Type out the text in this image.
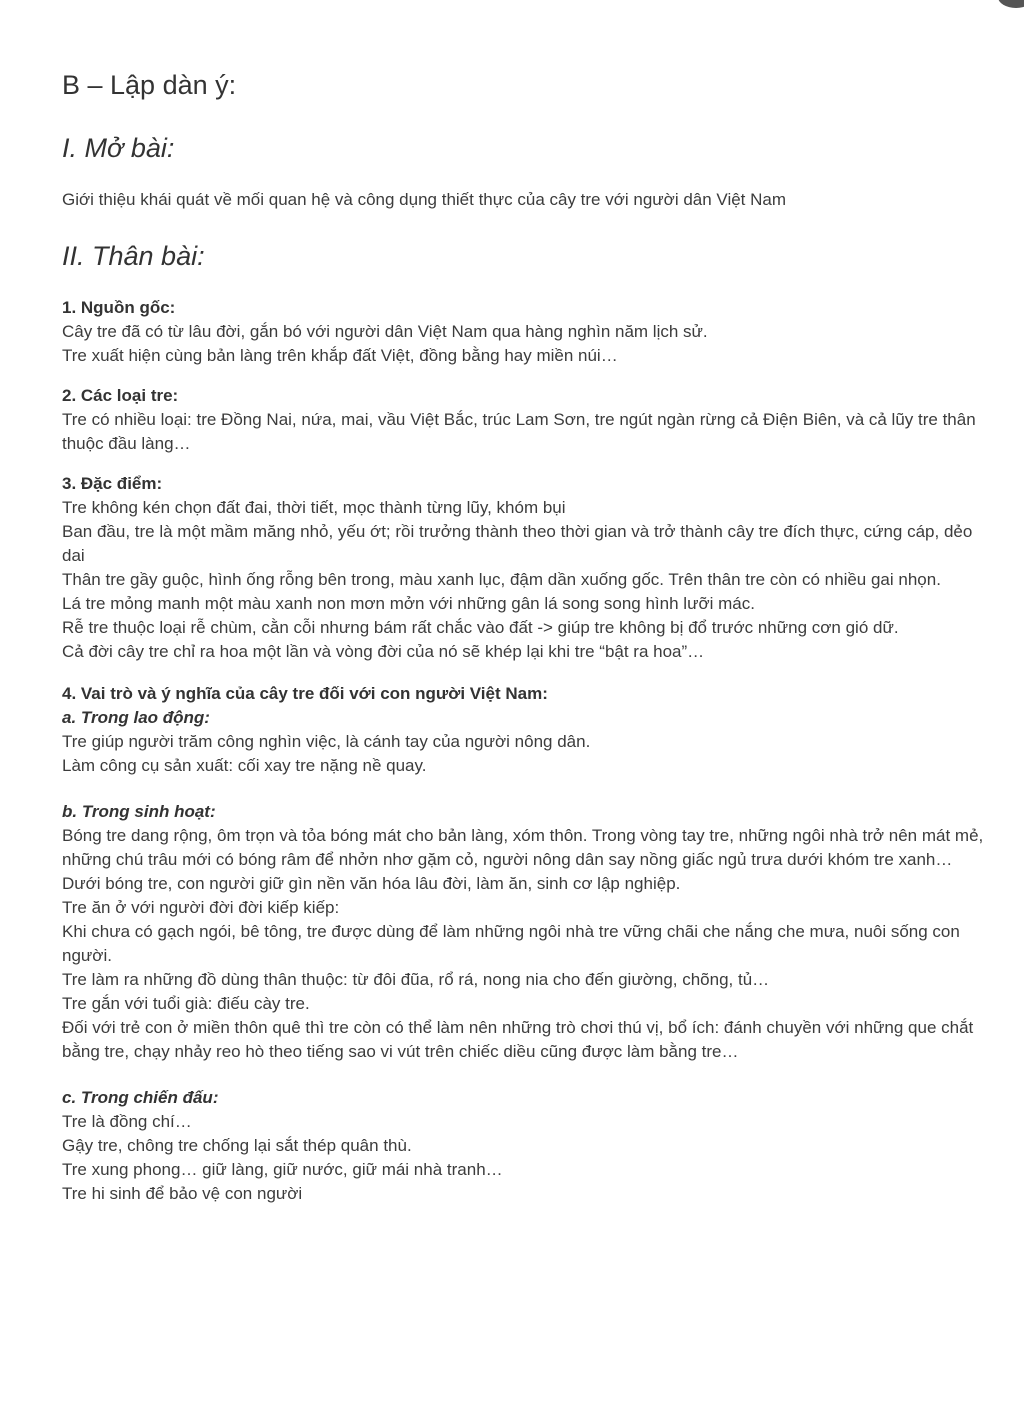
B – Lập dàn ý:
I. Mở bài:
Giới thiệu khái quát về mối quan hệ và công dụng thiết thực của cây tre với người dân Việt Nam
II. Thân bài:
1. Nguồn gốc:
Cây tre đã có từ lâu đời, gắn bó với người dân Việt Nam qua hàng nghìn năm lịch sử.
Tre xuất hiện cùng bản làng trên khắp đất Việt, đồng bằng hay miền núi…
2. Các loại tre:
Tre có nhiều loại: tre Đồng Nai, nứa, mai, vầu Việt Bắc, trúc Lam Sơn, tre ngút ngàn rừng cả Điện Biên, và cả lũy tre thân thuộc đầu làng…
3. Đặc điểm:
Tre không kén chọn đất đai, thời tiết, mọc thành từng lũy, khóm bụi
Ban đầu, tre là một mầm măng nhỏ, yếu ớt; rồi trưởng thành theo thời gian và trở thành cây tre đích thực, cứng cáp, dẻo dai
Thân tre gầy guộc, hình ống rỗng bên trong, màu xanh lục, đậm dần xuống gốc. Trên thân tre còn có nhiều gai nhọn.
Lá tre mỏng manh một màu xanh non mơn mởn với những gân lá song song hình lưỡi mác.
Rễ tre thuộc loại rễ chùm, cằn cỗi nhưng bám rất chắc vào đất -> giúp tre không bị đổ trước những cơn gió dữ.
Cả đời cây tre chỉ ra hoa một lần và vòng đời của nó sẽ khép lại khi tre “bật ra hoa”…
4. Vai trò và ý nghĩa của cây tre đối với con người Việt Nam:
a. Trong lao động:
Tre giúp người trăm công nghìn việc, là cánh tay của người nông dân.
Làm công cụ sản xuất: cối xay tre nặng nề quay.
b. Trong sinh hoạt:
Bóng tre dang rộng, ôm trọn và tỏa bóng mát cho bản làng, xóm thôn. Trong vòng tay tre, những ngôi nhà trở nên mát mẻ, những chú trâu mới có bóng râm để nhởn nhơ gặm cỏ, người nông dân say nồng giấc ngủ trưa dưới khóm tre xanh…
Dưới bóng tre, con người giữ gìn nền văn hóa lâu đời, làm ăn, sinh cơ lập nghiệp.
Tre ăn ở với người đời đời kiếp kiếp:
Khi chưa có gạch ngói, bê tông, tre được dùng để làm những ngôi nhà tre vững chãi che nắng che mưa, nuôi sống con người.
Tre làm ra những đồ dùng thân thuộc: từ đôi đũa, rổ rá, nong nia cho đến giường, chõng, tủ…
Tre gắn với tuổi già: điếu cày tre.
Đối với trẻ con ở miền thôn quê thì tre còn có thể làm nên những trò chơi thú vị, bổ ích: đánh chuyền với những que chắt bằng tre, chạy nhảy reo hò theo tiếng sao vi vút trên chiếc diều cũng được làm bằng tre…
c. Trong chiến đấu:
Tre là đồng chí…
Gậy tre, chông tre chống lại sắt thép quân thù.
Tre xung phong… giữ làng, giữ nước, giữ mái nhà tranh…
Tre hi sinh để bảo vệ con người
